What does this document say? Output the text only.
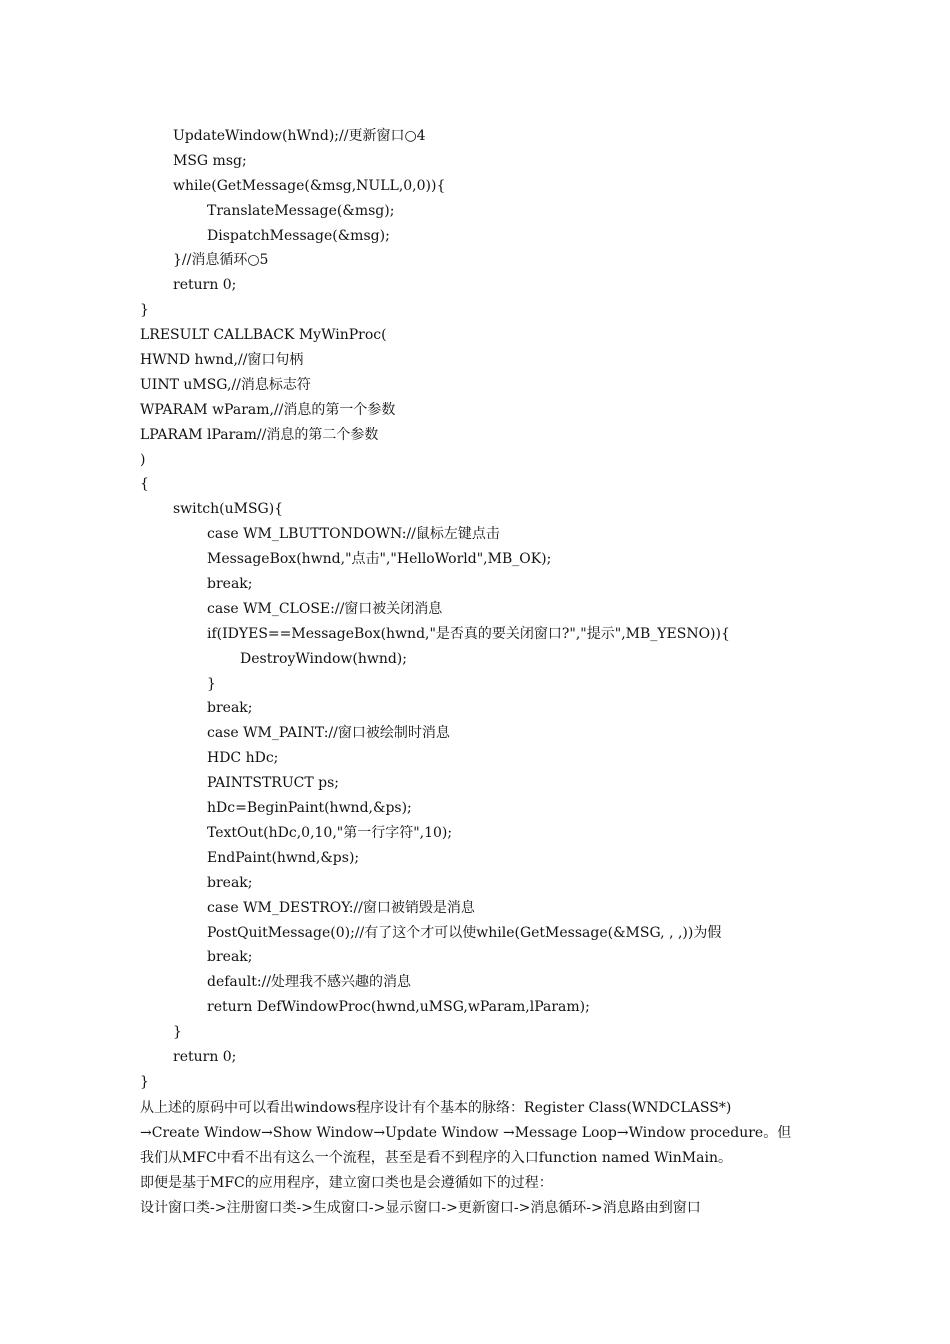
UpdateWindow(hWnd);//更新窗口○4
MSG msg;
while(GetMessage(&msg,NULL,0,0)){
TranslateMessage(&msg);
DispatchMessage(&msg);
}//消息循环○5
return 0;
}
LRESULT CALLBACK MyWinProc(
HWND hwnd,//窗口句柄
UINT uMSG,//消息标志符
WPARAM wParam,//消息的第一个参数
LPARAM lParam//消息的第二个参数
)
{
switch(uMSG){
case WM_LBUTTONDOWN://鼠标左键点击
MessageBox(hwnd,"点击","HelloWorld",MB_OK);
break;
case WM_CLOSE://窗口被关闭消息
if(IDYES==MessageBox(hwnd,"是否真的要关闭窗口?","提示",MB_YESNO)){
DestroyWindow(hwnd);
}
break;
case WM_PAINT://窗口被绘制时消息
HDC hDc;
PAINTSTRUCT ps;
hDc=BeginPaint(hwnd,&ps);
TextOut(hDc,0,10,"第一行字符",10);
EndPaint(hwnd,&ps);
break;
case WM_DESTROY://窗口被销毁是消息
PostQuitMessage(0);//有了这个才可以使while(GetMessage(&MSG, , ,))为假
break;
default://处理我不感兴趣的消息
return DefWindowProc(hwnd,uMSG,wParam,lParam);
}
return 0;
}
从上述的原码中可以看出windows程序设计有个基本的脉络：Register Class(WNDCLASS*)
→Create Window→Show Window→Update Window →Message Loop→Window procedure。但
我们从MFC中看不出有这么一个流程，甚至是看不到程序的入口function named WinMain。
即便是基于MFC的应用程序，建立窗口类也是会遵循如下的过程：
设计窗口类->注册窗口类->生成窗口->显示窗口->更新窗口->消息循环->消息路由到窗口
